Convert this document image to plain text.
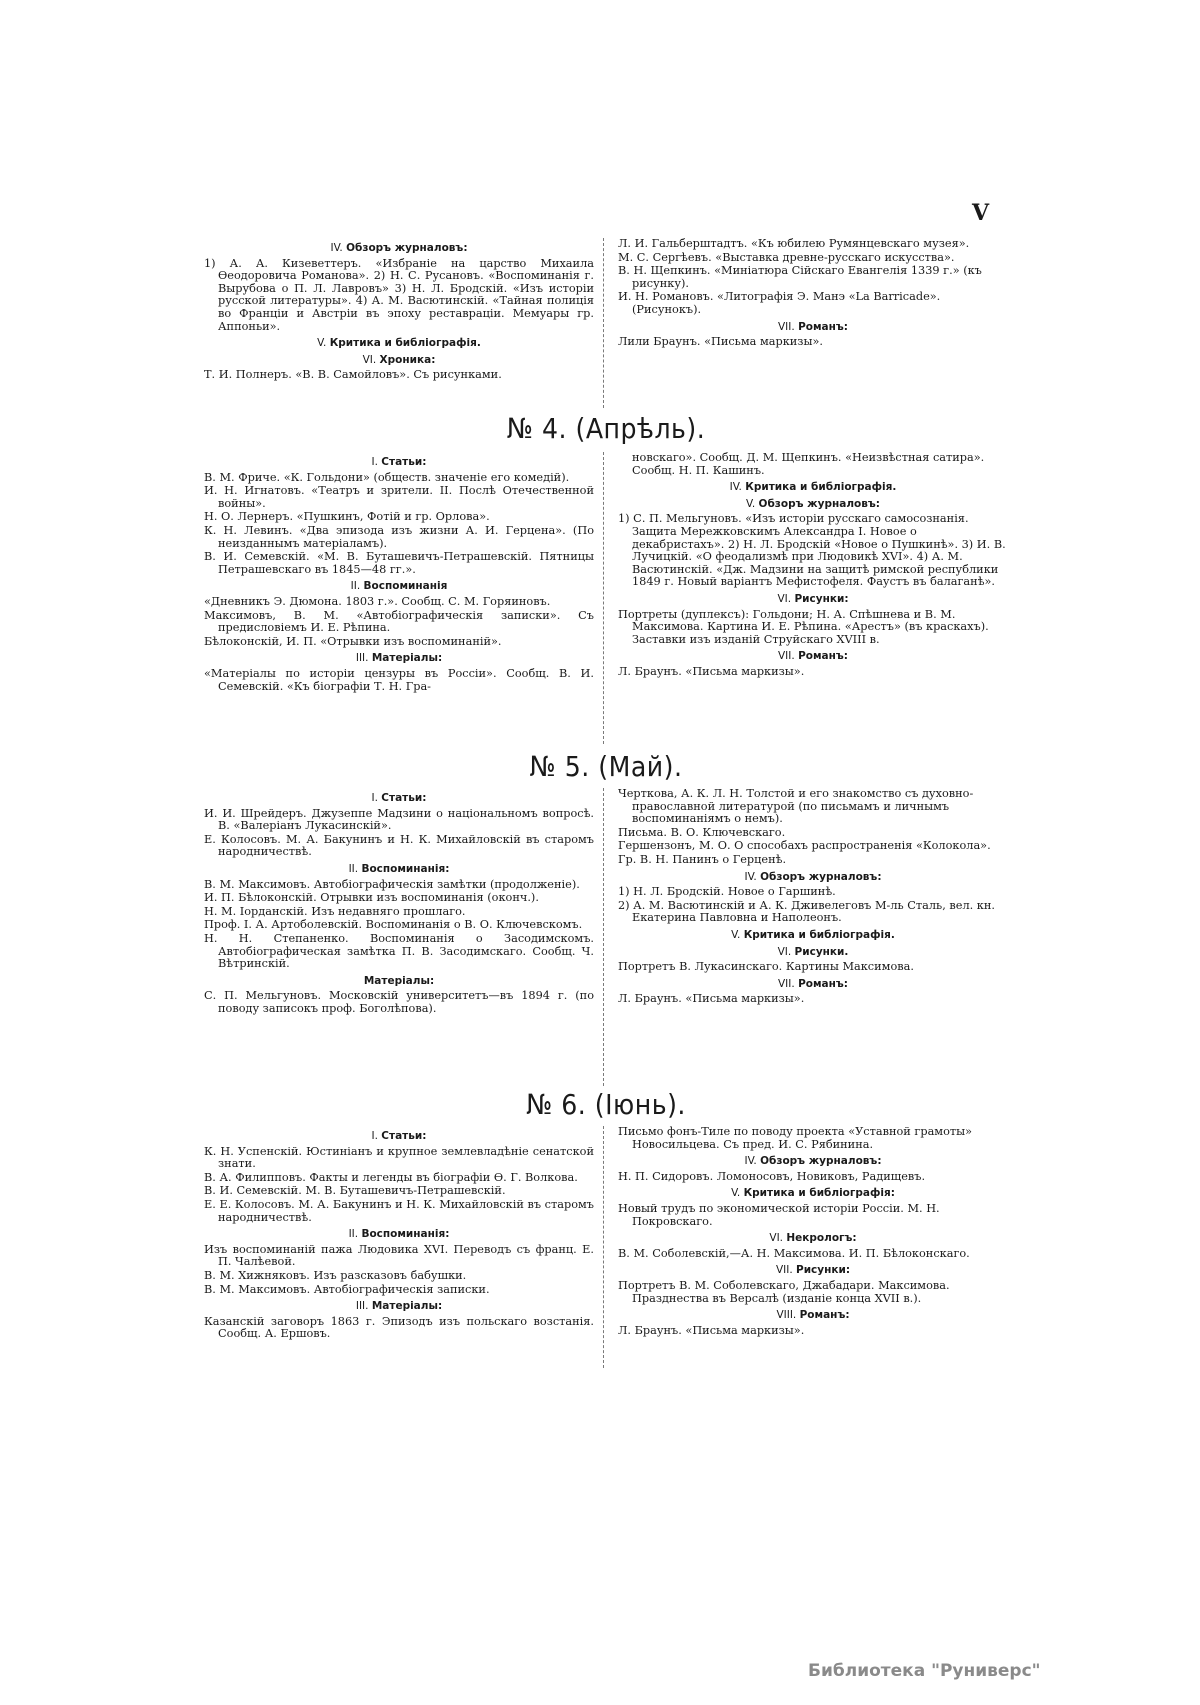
V

IV. Обзоръ журналовъ:
1) А. А. Кизеветтеръ. «Избраніе на царство Михаила Өеодоровича Романова». 2) Н. С. Русановъ. «Воспоминанія г. Вырубова о П. Л. Лавровъ» 3) Н. Л. Бродскій. «Изъ исторіи русской литературы». 4) А. М. Васютинскій. «Тайная полиція во Франціи и Австріи въ эпоху реставраціи. Мемуары гр. Аппоньи».
V. Критика и библіографія.
VI. Хроника:
Т. И. Полнеръ. «В. В. Самойловъ». Съ рисунками.
Л. И. Гальберштадтъ. «Къ юбилею Румянцевскаго музея».
М. С. Сергѣевъ. «Выставка древне-русскаго искусства».
В. Н. Щепкинъ. «Миніатюра Сійскаго Евангелія 1339 г.» (къ рисунку).
И. Н. Романовъ. «Литографія Э. Манэ «La Barricade». (Рисунокъ).
VII. Романъ:
Лили Браунъ. «Письма маркизы».
№ 4. (Апрѣль).
I. Статьи:
В. М. Фриче. «К. Гольдони» (обществ. значеніе его комедій).
И. Н. Игнатовъ. «Театръ и зрители. II. Послѣ Отечественной войны».
Н. О. Лернеръ. «Пушкинъ, Фотій и гр. Орлова».
К. Н. Левинъ. «Два эпизода изъ жизни А. И. Герцена». (По неизданнымъ матеріаламъ).
В. И. Семевскій. «М. В. Буташевичъ-Петрашевскій. Пятницы Петрашевскаго въ 1845—48 гг.».
II. Воспоминанія
«Дневникъ Э. Дюмона. 1803 г.». Сообщ. С. М. Горяиновъ.
Максимовъ, В. М. «Автобіографическія записки». Съ предисловіемъ И. Е. Рѣпина.
Бѣлоконскій, И. П. «Отрывки изъ воспоминаній».
III. Матеріалы:
«Матеріалы по исторіи цензуры въ Россіи». Сообщ. В. И. Семевскій. «Къ біографіи Т. Н. Гра-
новскаго». Сообщ. Д. М. Щепкинъ. «Неизвѣстная сатира». Сообщ. Н. П. Кашинъ.
IV. Критика и библіографія.
V. Обзоръ журналовъ:
1) С. П. Мельгуновъ. «Изъ исторіи русскаго самосознанія. Защита Мережковскимъ Александра I. Новое о декабристахъ». 2) Н. Л. Бродскій «Новое о Пушкинѣ». 3) И. В. Лучицкій. «О феодализмѣ при Людовикѣ XVI». 4) А. М. Васютинскій. «Дж. Мадзини на защитѣ римской республики 1849 г. Новый варіантъ Мефистофеля. Фаустъ въ балаганѣ».
VI. Рисунки:
Портреты (дуплексъ): Гольдони; Н. А. Спѣшнева и В. М. Максимова. Картина И. Е. Рѣпина. «Арестъ» (въ краскахъ). Заставки изъ изданій Струйскаго XVIII в.
VII. Романъ:
Л. Браунъ. «Письма маркизы».
№ 5. (Май).
I. Статьи:
И. И. Шрейдеръ. Джузеппе Мадзини о національномъ вопросѣ. В. «Валеріанъ Лукасинскій».
Е. Колосовъ. М. А. Бакунинъ и Н. К. Михайловскій въ старомъ народничествѣ.
II. Воспоминанія:
В. М. Максимовъ. Автобіографическія замѣтки (продолженіе).
И. П. Бѣлоконскій. Отрывки изъ воспоминанія (оконч.).
Н. М. Іорданскій. Изъ недавняго прошлаго.
Проф. I. А. Артоболевскій. Воспоминанія о В. О. Ключевскомъ.
Н. Н. Степаненко. Воспоминанія о Засодимскомъ. Автобіографическая замѣтка П. В. Засодимскаго. Сообщ. Ч. Вѣтринскій.
Матеріалы:
С. П. Мельгуновъ. Московскій университетъ—въ 1894 г. (по поводу записокъ проф. Боголѣпова).
Черткова, А. К. Л. Н. Толстой и его знакомство съ духовно-православной литературой (по письмамъ и личнымъ воспоминаніямъ о немъ).
Письма. В. О. Ключевскаго.
Гершензонъ, М. О. О способахъ распространенія «Колокола».
Гр. В. Н. Панинъ о Герценѣ.
IV. Обзоръ журналовъ:
1) Н. Л. Бродскій. Новое о Гаршинѣ.
2) А. М. Васютинскій и А. К. Дживелеговъ М-ль Сталь, вел. кн. Екатерина Павловна и Наполеонъ.
V. Критика и библіографія.
VI. Рисунки.
Портретъ В. Лукасинскаго. Картины Максимова.
VII. Романъ:
Л. Браунъ. «Письма маркизы».
№ 6. (Іюнь).
I. Статьи:
К. Н. Успенскій. Юстиніанъ и крупное землевладѣніе сенатской знати.
В. А. Филипповъ. Факты и легенды въ біографіи Ө. Г. Волкова.
В. И. Семевскій. М. В. Буташевичъ-Петрашевскій.
Е. Е. Колосовъ. М. А. Бакунинъ и Н. К. Михайловскій въ старомъ народничествѣ.
II. Воспоминанія:
Изъ воспоминаній пажа Людовика XVI. Переводъ съ франц. Е. П. Чалѣевой.
В. М. Хижняковъ. Изъ разсказовъ бабушки.
В. М. Максимовъ. Автобіографическія записки.
III. Матеріалы:
Казанскій заговоръ 1863 г. Эпизодъ изъ польскаго возстанія. Сообщ. А. Ершовъ.
Письмо фонъ-Тиле по поводу проекта «Уставной грамоты» Новосильцева. Съ пред. И. С. Рябинина.
IV. Обзоръ журналовъ:
Н. П. Сидоровъ. Ломоносовъ, Новиковъ, Радищевъ.
V. Критика и библіографія:
Новый трудъ по экономической исторіи Россіи. М. Н. Покровскаго.
VI. Некрологъ:
В. М. Соболевскій,—А. Н. Максимова. И. П. Бѣлоконскаго.
VII. Рисунки:
Портретъ В. М. Соболевскаго, Джабадари. Максимова. Празднества въ Версалѣ (изданіе конца XVII в.).
VIII. Романъ:
Л. Браунъ. «Письма маркизы».

Библиотека "Руниверс"
